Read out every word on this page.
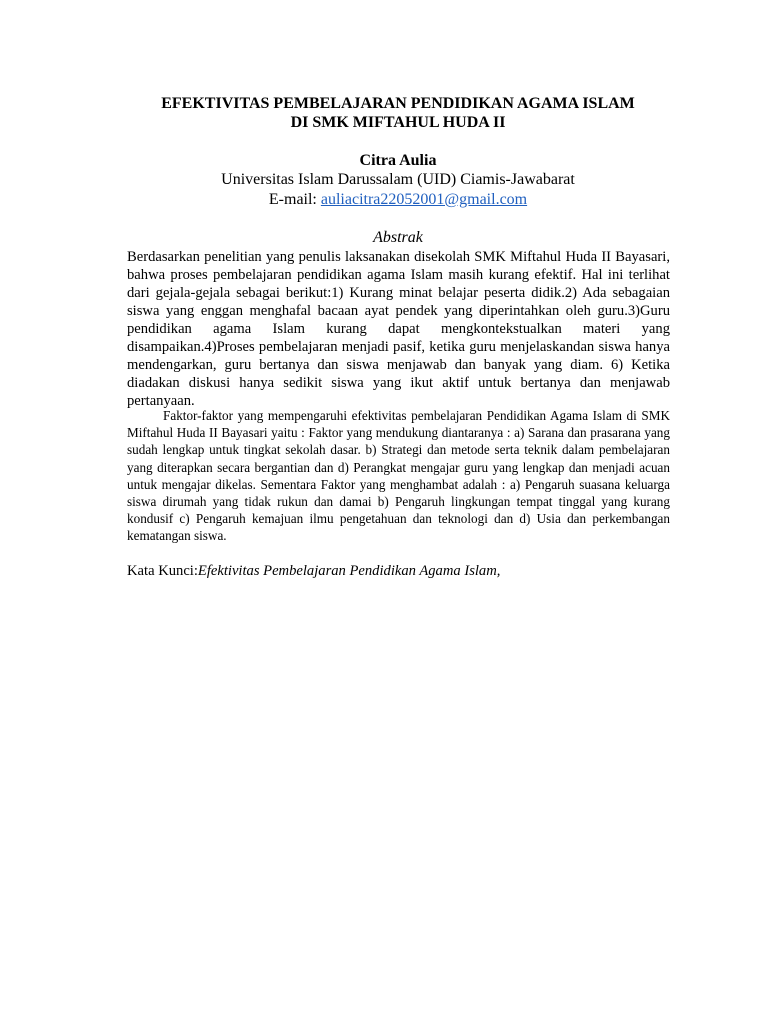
EFEKTIVITAS PEMBELAJARAN PENDIDIKAN AGAMA ISLAM
DI SMK MIFTAHUL HUDA II
Citra Aulia
Universitas Islam Darussalam (UID) Ciamis-Jawabarat
E-mail: auliacitra22052001@gmail.com
Abstrak

Berdasarkan penelitian yang penulis laksanakan disekolah SMK Miftahul Huda II Bayasari, bahwa proses pembelajaran pendidikan agama Islam masih kurang efektif. Hal ini terlihat dari gejala-gejala sebagai berikut:1) Kurang minat belajar peserta didik.2) Ada sebagaian siswa yang enggan menghafal bacaan ayat pendek yang diperintahkan oleh guru.3)Guru pendidikan agama Islam kurang dapat mengkontekstualkan materi yang disampaikan.4)Proses pembelajaran menjadi pasif, ketika guru menjelaskandan siswa hanya mendengarkan, guru bertanya dan siswa menjawab dan banyak yang diam. 6) Ketika diadakan diskusi hanya sedikit siswa yang ikut aktif untuk bertanya dan menjawab pertanyaan.

Faktor-faktor yang mempengaruhi efektivitas pembelajaran Pendidikan Agama Islam di SMK Miftahul Huda II Bayasari yaitu : Faktor yang mendukung diantaranya : a) Sarana dan prasarana yang sudah lengkap untuk tingkat sekolah dasar. b) Strategi dan metode serta teknik dalam pembelajaran yang diterapkan secara bergantian dan d) Perangkat mengajar guru yang lengkap dan menjadi acuan untuk mengajar dikelas. Sementara Faktor yang menghambat adalah : a) Pengaruh suasana keluarga siswa dirumah yang tidak rukun dan damai b) Pengaruh lingkungan tempat tinggal yang kurang kondusif c) Pengaruh kemajuan ilmu pengetahuan dan teknologi dan d) Usia dan perkembangan kematangan siswa.

Kata Kunci:Efektivitas Pembelajaran Pendidikan Agama Islam,
